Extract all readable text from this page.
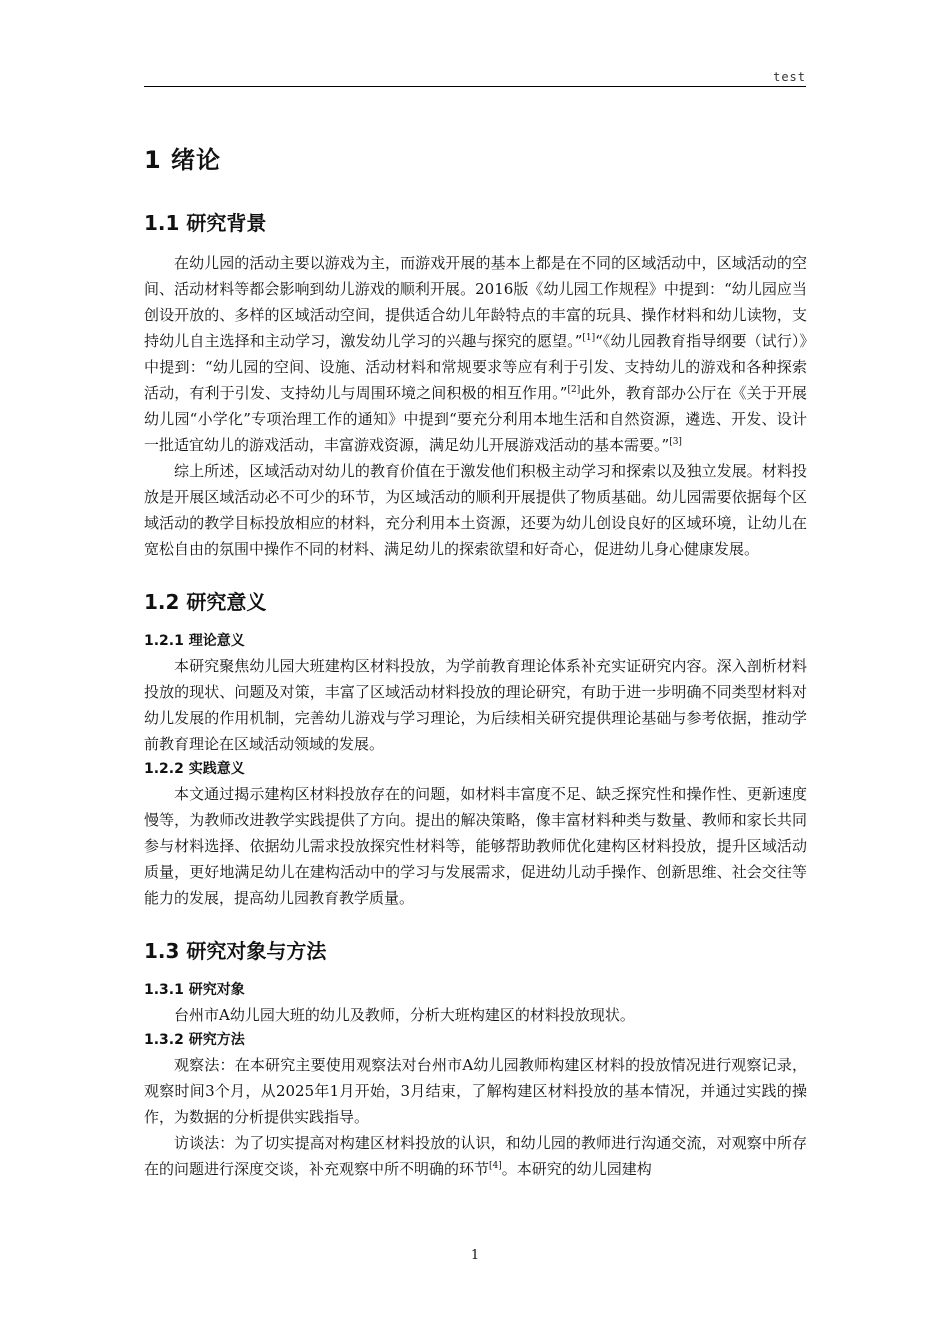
test
1 绪论
1.1 研究背景

在幼儿园的活动主要以游戏为主，而游戏开展的基本上都是在不同的区域活动中，区域活动的空间、活动材料等都会影响到幼儿游戏的顺利开展。2016版《幼儿园工作规程》中提到：“幼儿园应当创设开放的、多样的区域活动空间，提供适合幼儿年龄特点的丰富的玩具、操作材料和幼儿读物，支持幼儿自主选择和主动学习，激发幼儿学习的兴趣与探究的愿望。”[1]“《幼儿园教育指导纲要（试行）》中提到：“幼儿园的空间、设施、活动材料和常规要求等应有利于引发、支持幼儿的游戏和各种探索活动，有利于引发、支持幼儿与周围环境之间积极的相互作用。”[2]此外，教育部办公厅在《关于开展幼儿园“小学化”专项治理工作的通知》中提到“要充分利用本地生活和自然资源，遴选、开发、设计一批适宜幼儿的游戏活动，丰富游戏资源，满足幼儿开展游戏活动的基本需要。”[3]

综上所述，区域活动对幼儿的教育价值在于激发他们积极主动学习和探索以及独立发展。材料投放是开展区域活动必不可少的环节，为区域活动的顺利开展提供了物质基础。幼儿园需要依据每个区域活动的教学目标投放相应的材料，充分利用本土资源，还要为幼儿创设良好的区域环境，让幼儿在宽松自由的氛围中操作不同的材料、满足幼儿的探索欲望和好奇心，促进幼儿身心健康发展。

1.2 研究意义
1.2.1 理论意义

本研究聚焦幼儿园大班建构区材料投放，为学前教育理论体系补充实证研究内容。深入剖析材料投放的现状、问题及对策，丰富了区域活动材料投放的理论研究，有助于进一步明确不同类型材料对幼儿发展的作用机制，完善幼儿游戏与学习理论，为后续相关研究提供理论基础与参考依据，推动学前教育理论在区域活动领域的发展。

1.2.2 实践意义

本文通过揭示建构区材料投放存在的问题，如材料丰富度不足、缺乏探究性和操作性、更新速度慢等，为教师改进教学实践提供了方向。提出的解决策略，像丰富材料种类与数量、教师和家长共同参与材料选择、依据幼儿需求投放探究性材料等，能够帮助教师优化建构区材料投放，提升区域活动质量，更好地满足幼儿在建构活动中的学习与发展需求，促进幼儿动手操作、创新思维、社会交往等能力的发展，提高幼儿园教育教学质量。

1.3 研究对象与方法
1.3.1 研究对象

台州市A幼儿园大班的幼儿及教师，分析大班构建区的材料投放现状。

1.3.2 研究方法

观察法：在本研究主要使用观察法对台州市A幼儿园教师构建区材料的投放情况进行观察记录，观察时间3个月，从2025年1月开始，3月结束，了解构建区材料投放的基本情况，并通过实践的操作，为数据的分析提供实践指导。

访谈法：为了切实提高对构建区材料投放的认识，和幼儿园的教师进行沟通交流，对观察中所存在的问题进行深度交谈，补充观察中所不明确的环节[4]。本研究的幼儿园建构

1
